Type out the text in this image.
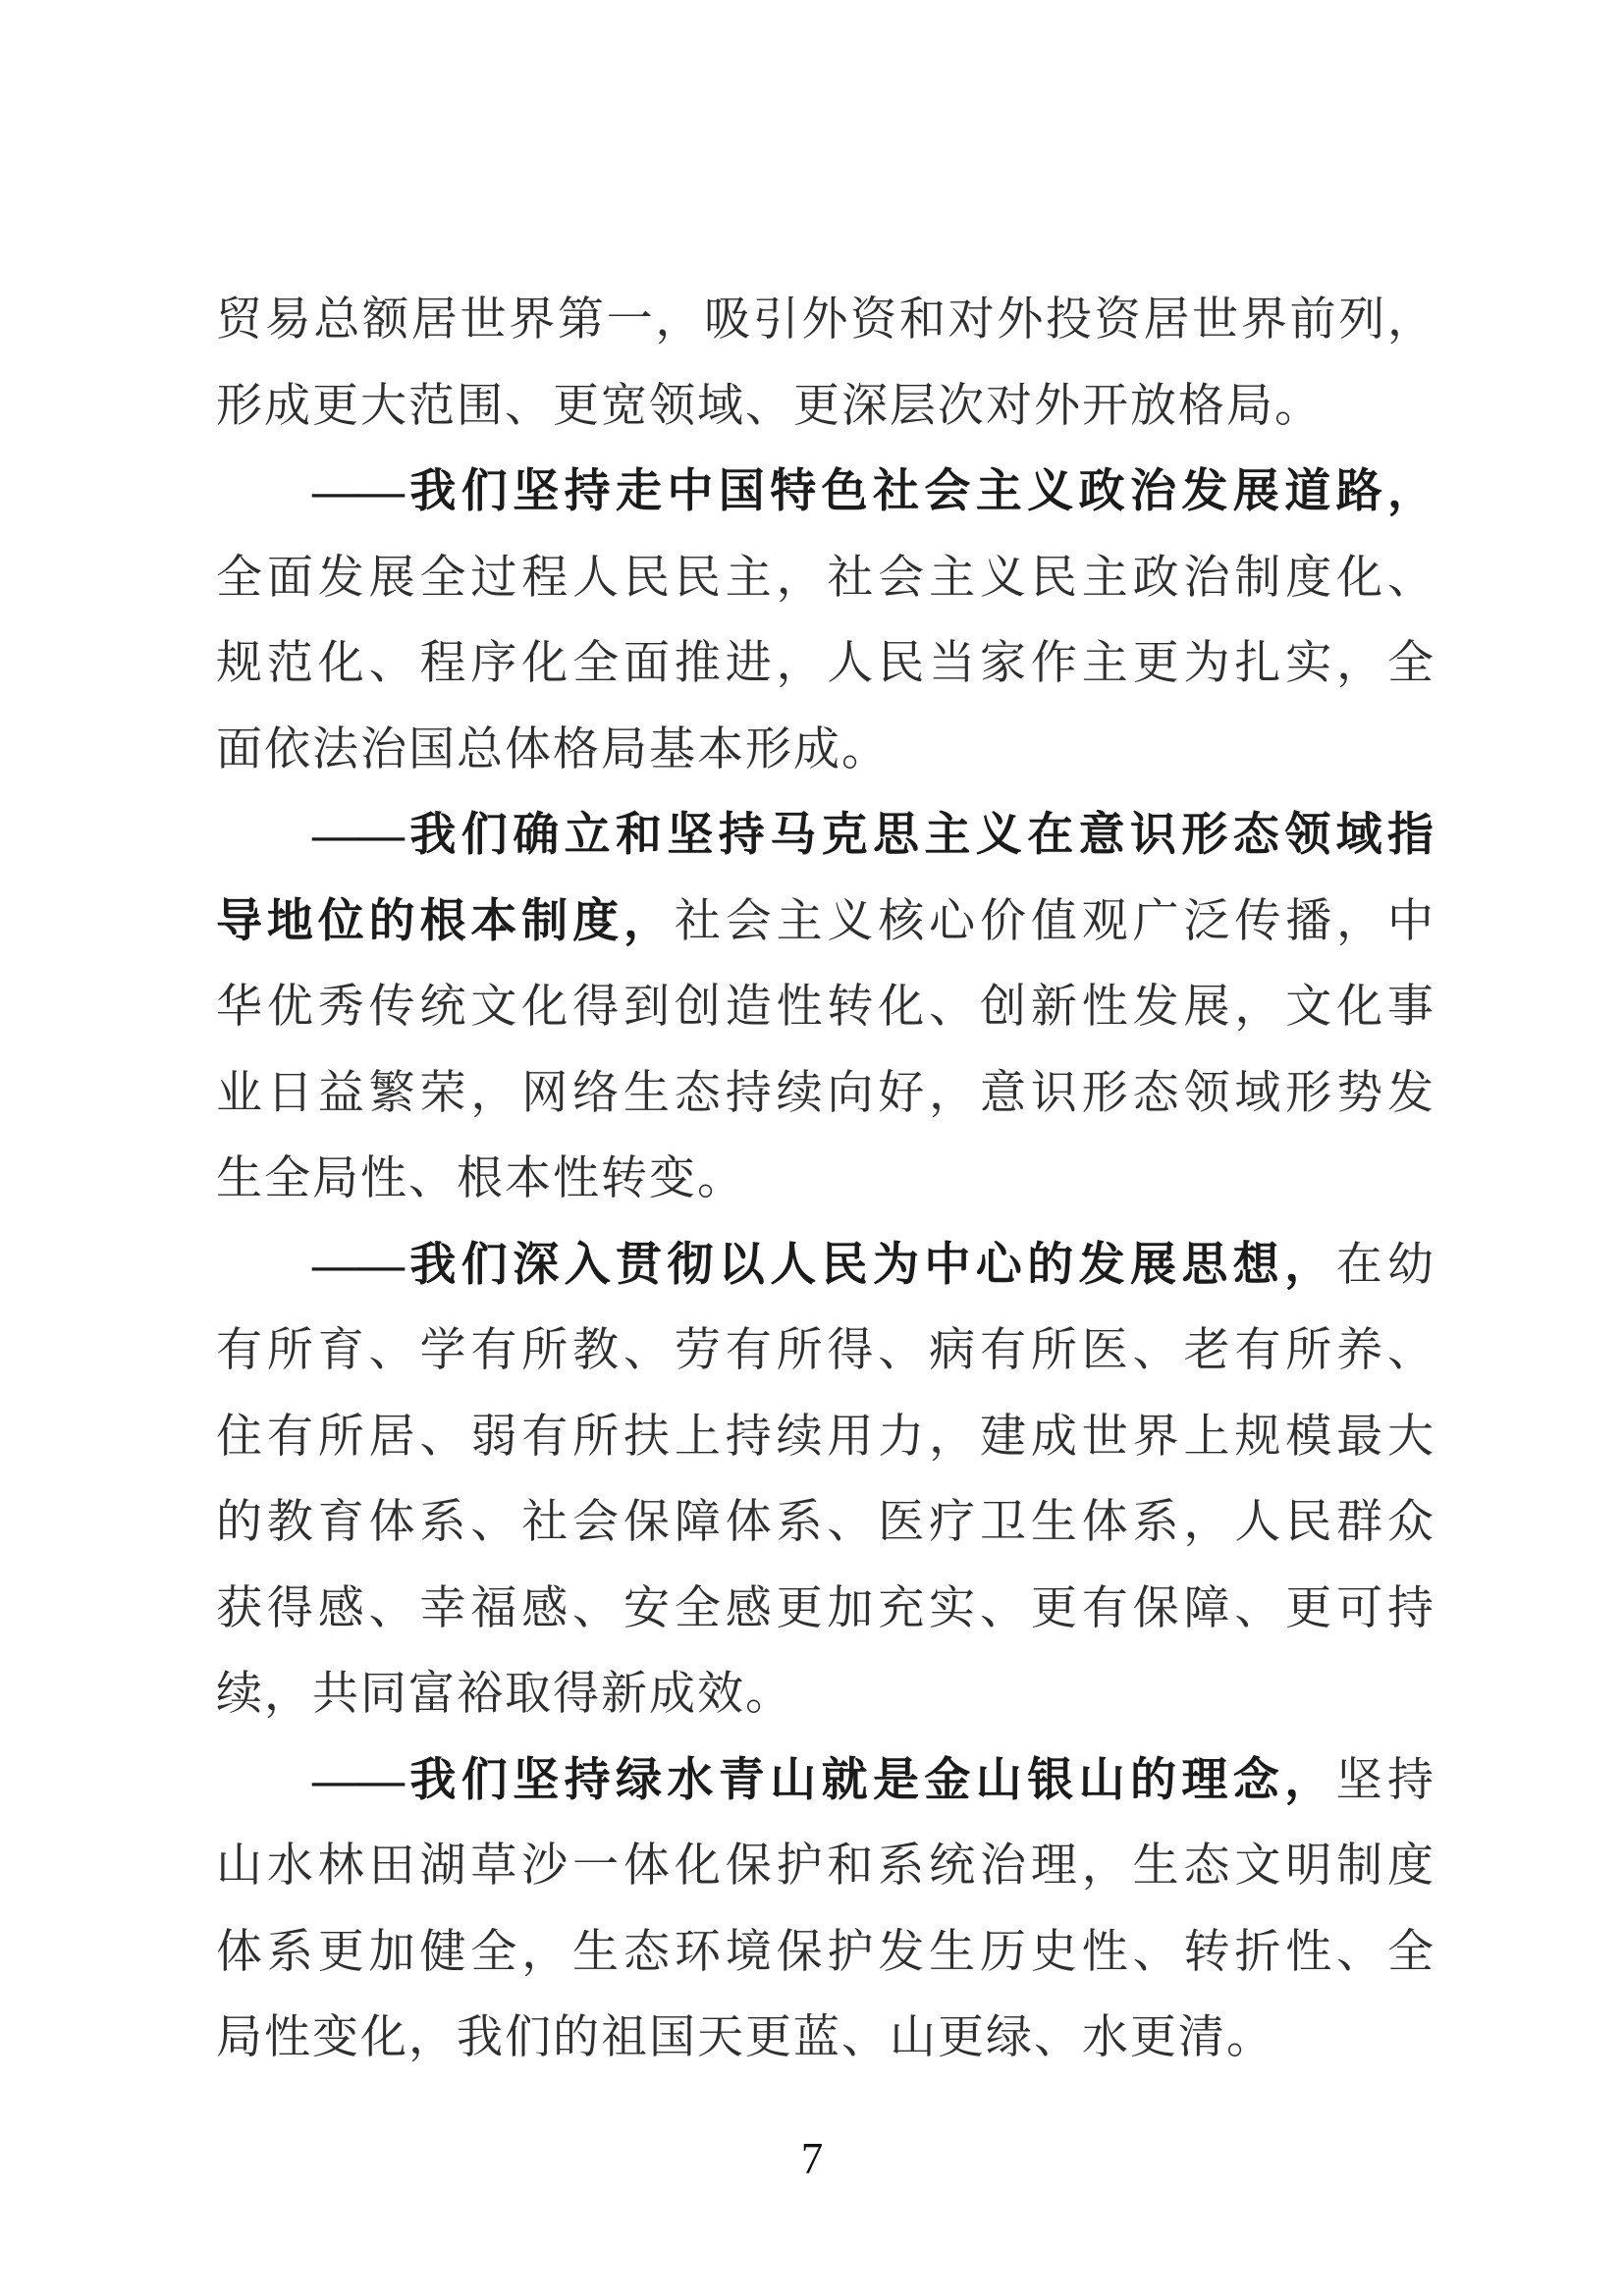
贸易总额居世界第一，吸引外资和对外投资居世界前列，
形成更大范围、更宽领域、更深层次对外开放格局。
——我们坚持走中国特色社会主义政治发展道路，
全面发展全过程人民民主，社会主义民主政治制度化、
规范化、程序化全面推进，人民当家作主更为扎实，全
面依法治国总体格局基本形成。
——我们确立和坚持马克思主义在意识形态领域指
导地位的根本制度，社会主义核心价值观广泛传播，中
华优秀传统文化得到创造性转化、创新性发展，文化事
业日益繁荣，网络生态持续向好，意识形态领域形势发
生全局性、根本性转变。
——我们深入贯彻以人民为中心的发展思想，在幼
有所育、学有所教、劳有所得、病有所医、老有所养、
住有所居、弱有所扶上持续用力，建成世界上规模最大
的教育体系、社会保障体系、医疗卫生体系，人民群众
获得感、幸福感、安全感更加充实、更有保障、更可持
续，共同富裕取得新成效。
——我们坚持绿水青山就是金山银山的理念，坚持
山水林田湖草沙一体化保护和系统治理，生态文明制度
体系更加健全，生态环境保护发生历史性、转折性、全
局性变化，我们的祖国天更蓝、山更绿、水更清。
7
